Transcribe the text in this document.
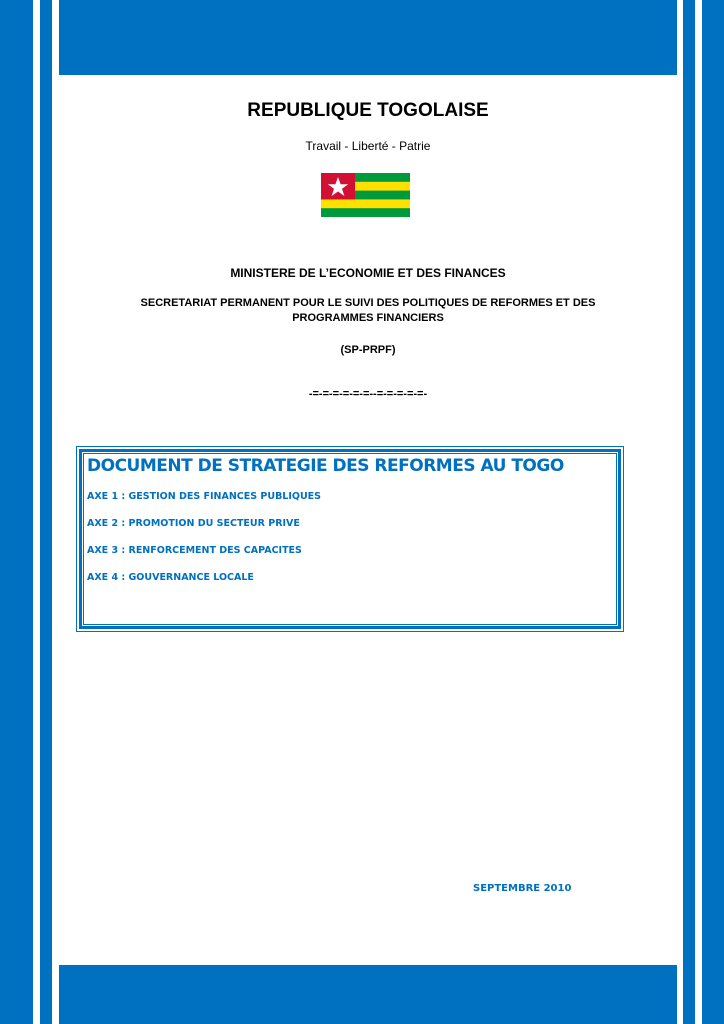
REPUBLIQUE TOGOLAISE
Travail - Liberté - Patrie
MINISTERE DE L’ECONOMIE ET DES FINANCES
SECRETARIAT PERMANENT POUR LE SUIVI DES POLITIQUES DE REFORMES ET DES PROGRAMMES FINANCIERS
(SP-PRPF)
-=-=-=-=-=-=--=-=-=-=-=-
DOCUMENT DE STRATEGIE DES REFORMES AU TOGO
AXE 1 : GESTION DES FINANCES PUBLIQUES
AXE 2 : PROMOTION DU SECTEUR PRIVE
AXE 3 : RENFORCEMENT DES CAPACITES
AXE 4 : GOUVERNANCE LOCALE
SEPTEMBRE 2010
